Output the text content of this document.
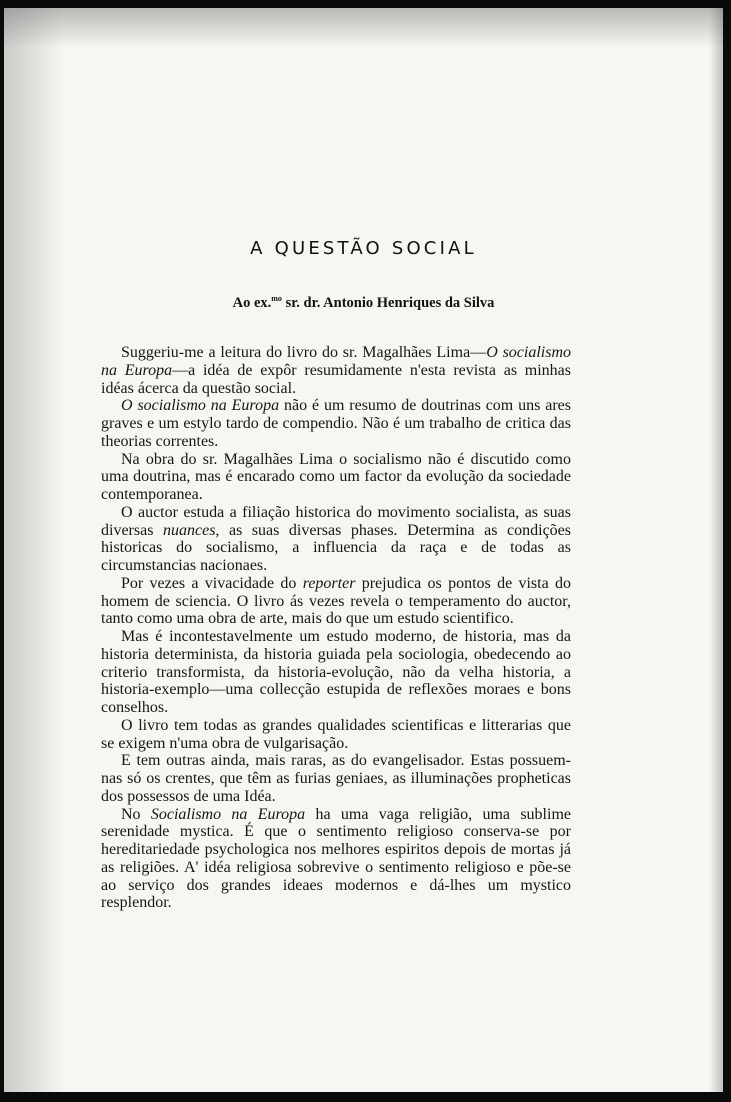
A QUESTÃO SOCIAL
Ao ex.$^{mo}$ sr. dr. Antonio Henriques da Silva

Suggeriu-me a leitura do livro do sr. Magalhães Lima—O socialismo na Europa—a idéa de expôr resumidamente n'esta revista as minhas idéas ácerca da questão social.

O socialismo na Europa não é um resumo de doutrinas com uns ares graves e um estylo tardo de compendio. Não é um trabalho de critica das theorias correntes.

Na obra do sr. Magalhães Lima o socialismo não é discutido como uma doutrina, mas é encarado como um factor da evolução da sociedade contemporanea.

O auctor estuda a filiação historica do movimento socialista, as suas diversas nuances, as suas diversas phases. Determina as condições historicas do socialismo, a influencia da raça e de todas as circumstancias nacionaes.

Por vezes a vivacidade do reporter prejudica os pontos de vista do homem de sciencia. O livro ás vezes revela o temperamento do auctor, tanto como uma obra de arte, mais do que um estudo scientifico.

Mas é incontestavelmente um estudo moderno, de historia, mas da historia determinista, da historia guiada pela sociologia, obedecendo ao criterio transformista, da historia-evolução, não da velha historia, a historia-exemplo—uma collecção estupida de reflexões moraes e bons conselhos.

O livro tem todas as grandes qualidades scientificas e litterarias que se exigem n'uma obra de vulgarisação.

E tem outras ainda, mais raras, as do evangelisador. Estas possuem-nas só os crentes, que têm as furias geniaes, as illuminações propheticas dos possessos de uma Idéa.

No Socialismo na Europa ha uma vaga religião, uma sublime serenidade mystica. É que o sentimento religioso conserva-se por hereditariedade psychologica nos melhores espiritos depois de mortas já as religiões. A' idéa religiosa sobrevive o sentimento religioso e põe-se ao serviço dos grandes ideaes modernos e dá-lhes um mystico resplendor.
